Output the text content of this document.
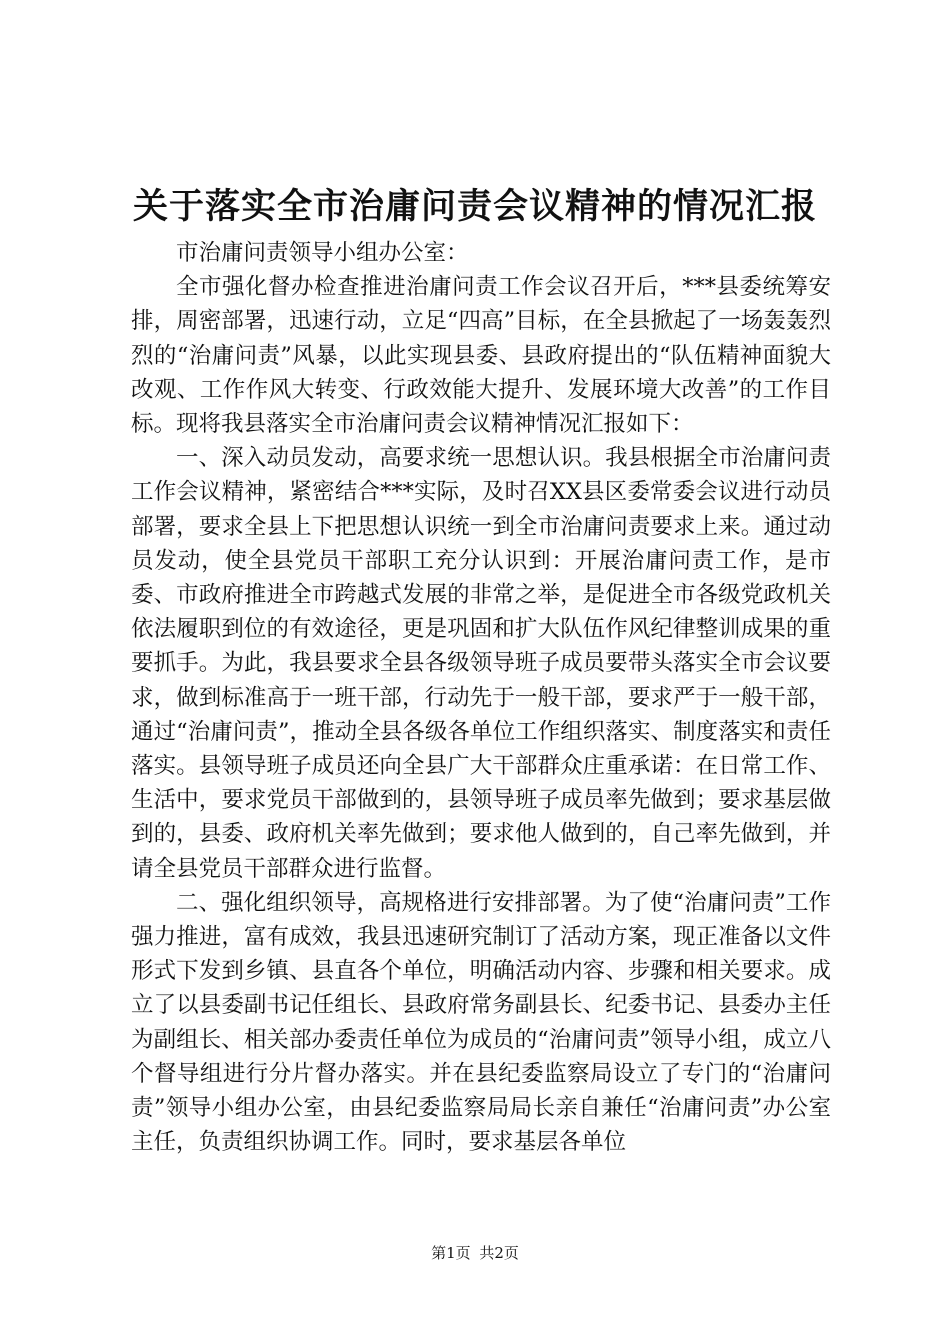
关于落实全市治庸问责会议精神的情况汇报

市治庸问责领导小组办公室：

全市强化督办检查推进治庸问责工作会议召开后，***县委统筹安排，周密部署，迅速行动，立足“四高”目标，在全县掀起了一场轰轰烈烈的“治庸问责”风暴，以此实现县委、县政府提出的“队伍精神面貌大改观、工作作风大转变、行政效能大提升、发展环境大改善”的工作目标。现将我县落实全市治庸问责会议精神情况汇报如下：

一、深入动员发动，高要求统一思想认识。我县根据全市治庸问责工作会议精神，紧密结合***实际，及时召XX县区委常委会议进行动员部署，要求全县上下把思想认识统一到全市治庸问责要求上来。通过动员发动，使全县党员干部职工充分认识到：开展治庸问责工作，是市委、市政府推进全市跨越式发展的非常之举，是促进全市各级党政机关依法履职到位的有效途径，更是巩固和扩大队伍作风纪律整训成果的重要抓手。为此，我县要求全县各级领导班子成员要带头落实全市会议要求，做到标准高于一班干部，行动先于一般干部，要求严于一般干部，通过“治庸问责”，推动全县各级各单位工作组织落实、制度落实和责任落实。县领导班子成员还向全县广大干部群众庄重承诺：在日常工作、生活中，要求党员干部做到的，县领导班子成员率先做到；要求基层做到的，县委、政府机关率先做到；要求他人做到的，自己率先做到，并请全县党员干部群众进行监督。

二、强化组织领导，高规格进行安排部署。为了使“治庸问责”工作强力推进，富有成效，我县迅速研究制订了活动方案，现正准备以文件形式下发到乡镇、县直各个单位，明确活动内容、步骤和相关要求。成立了以县委副书记任组长、县政府常务副县长、纪委书记、县委办主任为副组长、相关部办委责任单位为成员的“治庸问责”领导小组，成立八个督导组进行分片督办落实。并在县纪委监察局设立了专门的“治庸问责”领导小组办公室，由县纪委监察局局长亲自兼任“治庸问责”办公室主任，负责组织协调工作。同时，要求基层各单位

第1页 共2页
